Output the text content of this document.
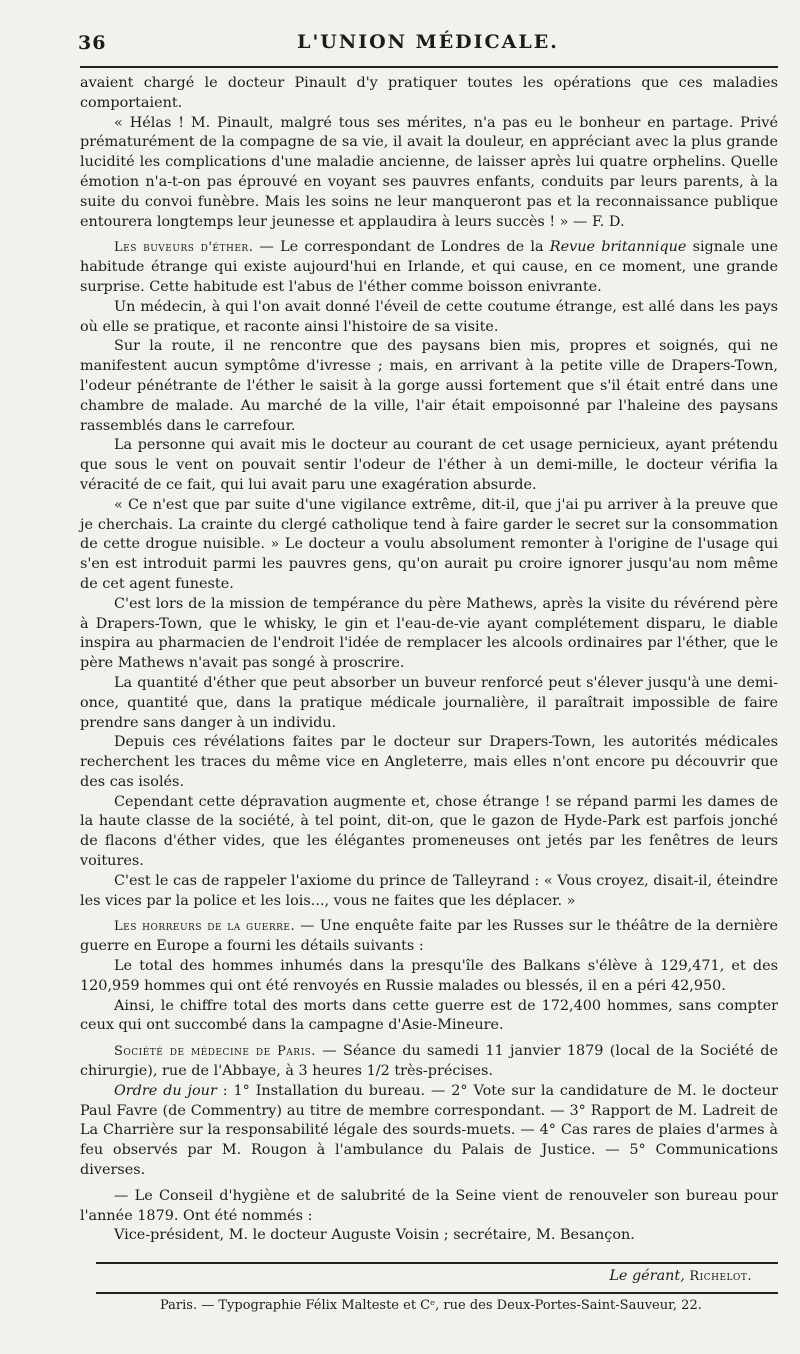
36	L'UNION MÉDICALE.

avaient chargé le docteur Pinault d'y pratiquer toutes les opérations que ces maladies comportaient.

« Hélas ! M. Pinault, malgré tous ses mérites, n'a pas eu le bonheur en partage. Privé prématurément de la compagne de sa vie, il avait la douleur, en appréciant avec la plus grande lucidité les complications d'une maladie ancienne, de laisser après lui quatre orphelins. Quelle émotion n'a-t-on pas éprouvé en voyant ses pauvres enfants, conduits par leurs parents, à la suite du convoi funèbre. Mais les soins ne leur manqueront pas et la reconnaissance publique entourera longtemps leur jeunesse et applaudira à leurs succès ! » — F. D.

Les buveurs d'éther. — Le correspondant de Londres de la Revue britannique signale une habitude étrange qui existe aujourd'hui en Irlande, et qui cause, en ce moment, une grande surprise. Cette habitude est l'abus de l'éther comme boisson enivrante.

Un médecin, à qui l'on avait donné l'éveil de cette coutume étrange, est allé dans les pays où elle se pratique, et raconte ainsi l'histoire de sa visite.

Sur la route, il ne rencontre que des paysans bien mis, propres et soignés, qui ne manifestent aucun symptôme d'ivresse ; mais, en arrivant à la petite ville de Drapers-Town, l'odeur pénétrante de l'éther le saisit à la gorge aussi fortement que s'il était entré dans une chambre de malade. Au marché de la ville, l'air était empoisonné par l'haleine des paysans rassemblés dans le carrefour.

La personne qui avait mis le docteur au courant de cet usage pernicieux, ayant prétendu que sous le vent on pouvait sentir l'odeur de l'éther à un demi-mille, le docteur vérifia la véracité de ce fait, qui lui avait paru une exagération absurde.

« Ce n'est que par suite d'une vigilance extrême, dit-il, que j'ai pu arriver à la preuve que je cherchais. La crainte du clergé catholique tend à faire garder le secret sur la consommation de cette drogue nuisible. » Le docteur a voulu absolument remonter à l'origine de l'usage qui s'en est introduit parmi les pauvres gens, qu'on aurait pu croire ignorer jusqu'au nom même de cet agent funeste.

C'est lors de la mission de tempérance du père Mathews, après la visite du révérend père à Drapers-Town, que le whisky, le gin et l'eau-de-vie ayant complétement disparu, le diable inspira au pharmacien de l'endroit l'idée de remplacer les alcools ordinaires par l'éther, que le père Mathews n'avait pas songé à proscrire.

La quantité d'éther que peut absorber un buveur renforcé peut s'élever jusqu'à une demi-once, quantité que, dans la pratique médicale journalière, il paraîtrait impossible de faire prendre sans danger à un individu.

Depuis ces révélations faites par le docteur sur Drapers-Town, les autorités médicales recherchent les traces du même vice en Angleterre, mais elles n'ont encore pu découvrir que des cas isolés.

Cependant cette dépravation augmente et, chose étrange ! se répand parmi les dames de la haute classe de la société, à tel point, dit-on, que le gazon de Hyde-Park est parfois jonché de flacons d'éther vides, que les élégantes promeneuses ont jetés par les fenêtres de leurs voitures.

C'est le cas de rappeler l'axiome du prince de Talleyrand : « Vous croyez, disait-il, éteindre les vices par la police et les lois..., vous ne faites que les déplacer. »

Les horreurs de la guerre. — Une enquête faite par les Russes sur le théâtre de la dernière guerre en Europe a fourni les détails suivants :

Le total des hommes inhumés dans la presqu'île des Balkans s'élève à 129,471, et des 120,959 hommes qui ont été renvoyés en Russie malades ou blessés, il en a péri 42,950.

Ainsi, le chiffre total des morts dans cette guerre est de 172,400 hommes, sans compter ceux qui ont succombé dans la campagne d'Asie-Mineure.

Société de médecine de Paris. — Séance du samedi 11 janvier 1879 (local de la Société de chirurgie), rue de l'Abbaye, à 3 heures 1/2 très-précises.

Ordre du jour : 1° Installation du bureau. — 2° Vote sur la candidature de M. le docteur Paul Favre (de Commentry) au titre de membre correspondant. — 3° Rapport de M. Ladreit de La Charrière sur la responsabilité légale des sourds-muets. — 4° Cas rares de plaies d'armes à feu observés par M. Rougon à l'ambulance du Palais de Justice. — 5° Communications diverses.

— Le Conseil d'hygiène et de salubrité de la Seine vient de renouveler son bureau pour l'année 1879. Ont été nommés :

Vice-président, M. le docteur Auguste Voisin ; secrétaire, M. Besançon.

Le gérant, Richelot.
Paris. — Typographie Félix Malteste et Cᵉ, rue des Deux-Portes-Saint-Sauveur, 22.
